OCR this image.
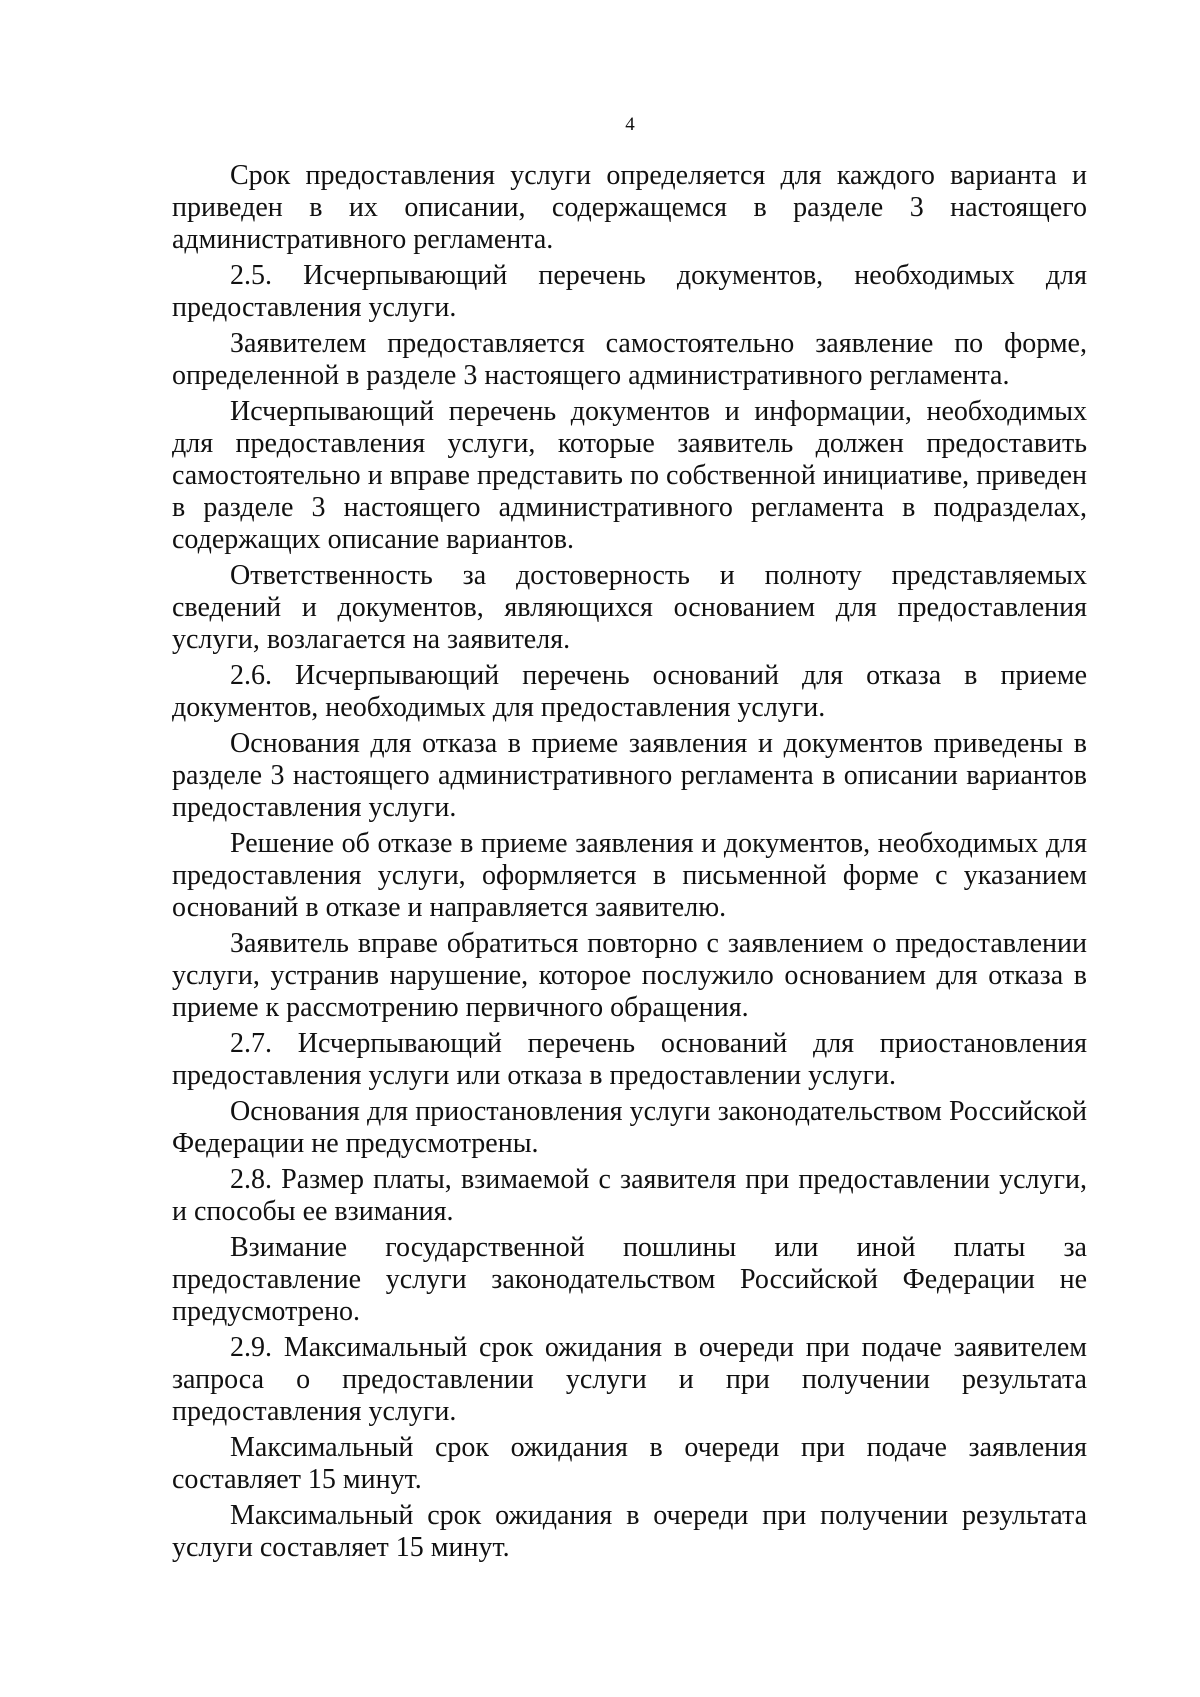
4

Срок предоставления услуги определяется для каждого варианта и приведен в их описании, содержащемся в разделе 3 настоящего административного регламента.

2.5. Исчерпывающий перечень документов, необходимых для предоставления услуги.

Заявителем предоставляется самостоятельно заявление по форме, определенной в разделе 3 настоящего административного регламента.

Исчерпывающий перечень документов и информации, необходимых для предоставления услуги, которые заявитель должен предоставить самостоятельно и вправе представить по собственной инициативе, приведен в разделе 3 настоящего административного регламента в подразделах, содержащих описание вариантов.

Ответственность за достоверность и полноту представляемых сведений и документов, являющихся основанием для предоставления услуги, возлагается на заявителя.

2.6. Исчерпывающий перечень оснований для отказа в приеме документов, необходимых для предоставления услуги.

Основания для отказа в приеме заявления и документов приведены в разделе 3 настоящего административного регламента в описании вариантов предоставления услуги.

Решение об отказе в приеме заявления и документов, необходимых для предоставления услуги, оформляется в письменной форме с указанием оснований в отказе и направляется заявителю.

Заявитель вправе обратиться повторно с заявлением о предоставлении услуги, устранив нарушение, которое послужило основанием для отказа в приеме к рассмотрению первичного обращения.

2.7. Исчерпывающий перечень оснований для приостановления предоставления услуги или отказа в предоставлении услуги.

Основания для приостановления услуги законодательством Российской Федерации не предусмотрены.

2.8. Размер платы, взимаемой с заявителя при предоставлении услуги, и способы ее взимания.

Взимание государственной пошлины или иной платы за предоставление услуги законодательством Российской Федерации не предусмотрено.

2.9. Максимальный срок ожидания в очереди при подаче заявителем запроса о предоставлении услуги и при получении результата предоставления услуги.

Максимальный срок ожидания в очереди при подаче заявления составляет 15 минут.

Максимальный срок ожидания в очереди при получении результата услуги составляет 15 минут.
